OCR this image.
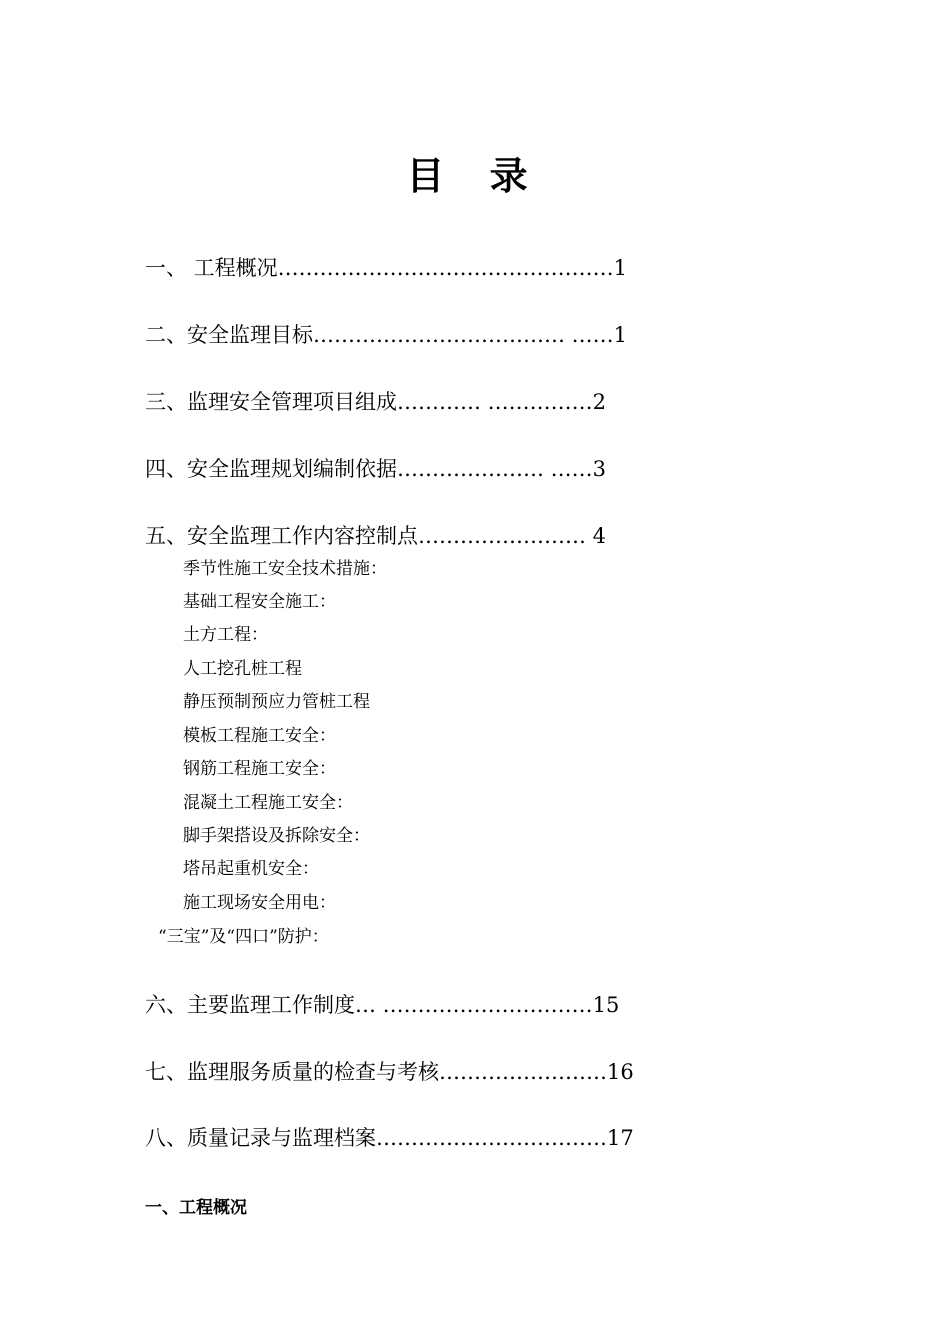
目 录
一、 工程概况…………………………………………1
二、安全监理目标……………………………… ……1
三、监理安全管理项目组成………… ……………2
四、安全监理规划编制依据………………… ……3
五、安全监理工作内容控制点…………………… 4
季节性施工安全技术措施：
基础工程安全施工：
土方工程：
人工挖孔桩工程
静压预制预应力管桩工程
模板工程施工安全：
钢筋工程施工安全：
混凝土工程施工安全：
脚手架搭设及拆除安全：
塔吊起重机安全：
施工现场安全用电：
“三宝”及“四口”防护：
六、主要监理工作制度… …………………………15
七、监理服务质量的检查与考核……………………16
八、质量记录与监理档案……………………………17
一、工程概况
